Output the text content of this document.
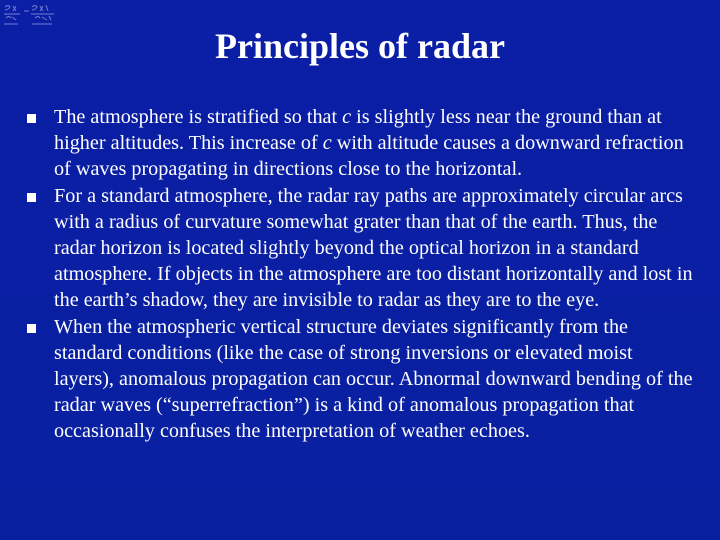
Principles of radar
The atmosphere is stratified so that c is slightly less near the ground than at higher altitudes. This increase of c with altitude causes a downward refraction of waves propagating in directions close to the horizontal.
For a standard atmosphere, the radar ray paths are approximately circular arcs with a radius of curvature somewhat grater than that of the earth. Thus, the radar horizon is located slightly beyond the optical horizon in a standard atmosphere. If objects in the atmosphere are too distant horizontally and lost in the earth’s shadow, they are invisible to radar as they are to the eye.
When the atmospheric vertical structure deviates significantly from the standard conditions (like the case of strong inversions or elevated moist layers), anomalous propagation can occur. Abnormal downward bending of the radar waves (“superrefraction”) is a kind of anomalous propagation that occasionally confuses the interpretation of weather echoes.
